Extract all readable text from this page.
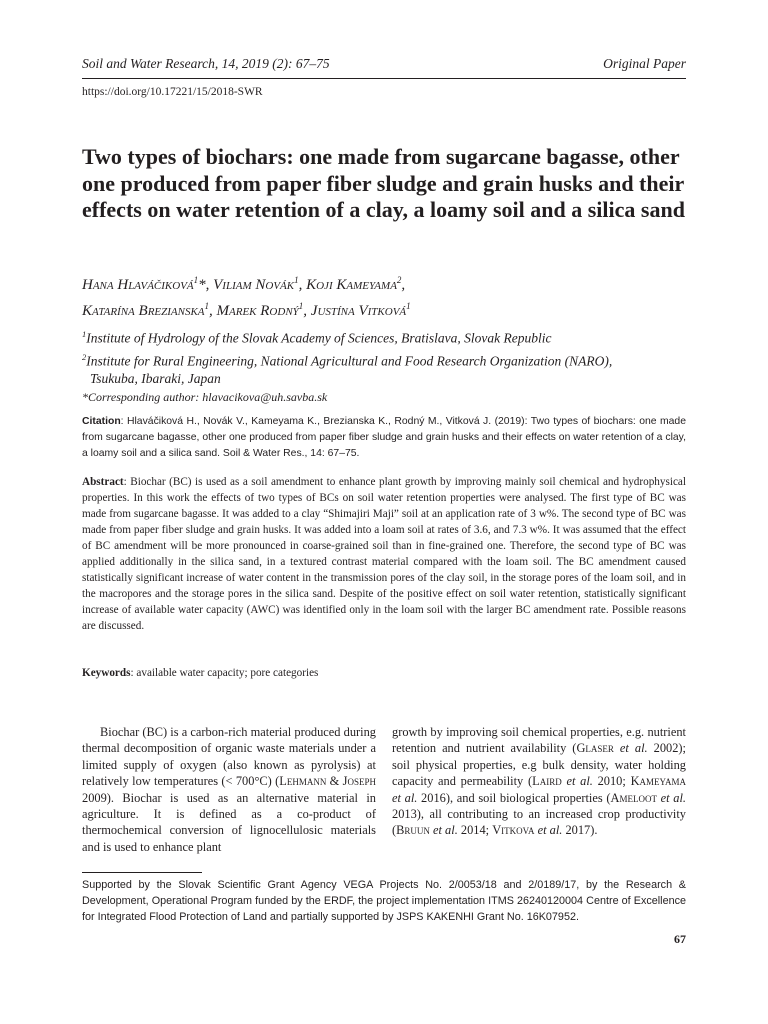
Soil and Water Research, 14, 2019 (2): 67–75	Original Paper
https://doi.org/10.17221/15/2018-SWR
Two types of biochars: one made from sugarcane bagasse, other one produced from paper fiber sludge and grain husks and their effects on water retention of a clay, a loamy soil and a silica sand
Hana Hlaváčiková$^1$*, Viliam Novák$^1$, Koji Kameyama$^2$,
Katarína Brezianska$^1$, Marek Rodný$^1$, Justína Vitková$^1$
$^1$Institute of Hydrology of the Slovak Academy of Sciences, Bratislava, Slovak Republic
$^2$Institute for Rural Engineering, National Agricultural and Food Research Organization (NARO),
Tsukuba, Ibaraki, Japan
*Corresponding author: hlavacikova@uh.savba.sk
Citation: Hlaváčiková H., Novák V., Kameyama K., Brezianska K., Rodný M., Vitková J. (2019): Two types of biochars: one made from sugarcane bagasse, other one produced from paper fiber sludge and grain husks and their effects on water retention of a clay, a loamy soil and a silica sand. Soil & Water Res., 14: 67–75.
Abstract: Biochar (BC) is used as a soil amendment to enhance plant growth by improving mainly soil chemical and hydrophysical properties. In this work the effects of two types of BCs on soil water retention properties were analysed. The first type of BC was made from sugarcane bagasse. It was added to a clay “Shimajiri Maji” soil at an application rate of 3 w%. The second type of BC was made from paper fiber sludge and grain husks. It was added into a loam soil at rates of 3.6, and 7.3 w%. It was assumed that the effect of BC amendment will be more pronounced in coarse-grained soil than in fine-grained one. Therefore, the second type of BC was applied additionally in the silica sand, in a textured contrast material compared with the loam soil. The BC amendment caused statistically significant increase of water content in the transmission pores of the clay soil, in the storage pores of the loam soil, and in the macropores and the storage pores in the silica sand. Despite of the positive effect on soil water retention, statistically significant increase of available water capacity (AWC) was identified only in the loam soil with the larger BC amendment rate. Possible reasons are discussed.
Keywords: available water capacity; pore categories
Biochar (BC) is a carbon-rich material produced during thermal decomposition of organic waste materials under a limited supply of oxygen (also known as pyrolysis) at relatively low temperatures (< 700°C) (Lehmann & Joseph 2009). Biochar is used as an alternative material in agriculture. It is defined as a co-product of thermochemical conversion of lignocellulosic materials and is used to enhance plant
growth by improving soil chemical properties, e.g. nutrient retention and nutrient availability (Glaser et al. 2002); soil physical properties, e.g bulk density, water holding capacity and permeability (Laird et al. 2010; Kameyama et al. 2016), and soil biological properties (Ameloot et al. 2013), all contributing to an increased crop productivity (Bruun et al. 2014; Vitkova et al. 2017).
Supported by the Slovak Scientific Grant Agency VEGA Projects No. 2/0053/18 and 2/0189/17, by the Research & Development, Operational Program funded by the ERDF, the project implementation ITMS 26240120004 Centre of Excellence for Integrated Flood Protection of Land and partially supported by JSPS KAKENHI Grant No. 16K07952.
67
